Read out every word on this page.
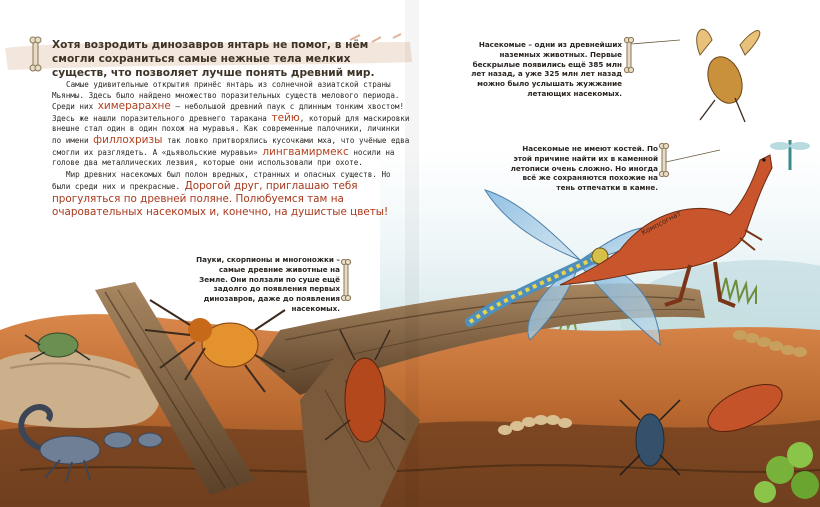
Хотя возродить динозавров янтарь не помог, в нём смогли сохраниться самые нежные тела мелких существ, что позволяет лучше понять древний мир.

Самые удивительные открытия принёс янтарь из солнечной азиатской страны Мьянмы. Здесь было найдено множество поразительных существ мелового периода. Среди них химерарахне — небольшой древний паук с длинным тонким хвостом! Здесь же нашли поразительного древнего таракана тейю, который для маскировки внешне стал один в один похож на муравья. Как современные палочники, личинки по имени филлохризы так ловко притворялись кусочками мха, что учёные едва смогли их разглядеть. А «дьявольские муравьи» лингвамирмекс носили на голове два металлических лезвия, которые они использовали при охоте.

Мир древних насекомых был полон вредных, странных и опасных существ. Но были среди них и прекрасные. Дорогой друг, приглашаю тебя прогуляться по древней поляне. Полюбуемся там на очаровательных насекомых и, конечно, на душистые цветы!

Насекомые – одни из древнейших наземных животных. Первые бескрылые появились ещё 385 млн лет назад, а уже 325 млн лет назад можно было услышать жужжание летающих насекомых.
Насекомые не имеют костей. По этой причине найти их в каменной летописи очень сложно. Но иногда всё же сохраняются похожие на тень отпечатки в камне.
Пауки, скорпионы и многоножки – самые древние животные на Земле. Они ползали по суше ещё задолго до появления первых динозавров, даже до появления насекомых.
Компсогнат
